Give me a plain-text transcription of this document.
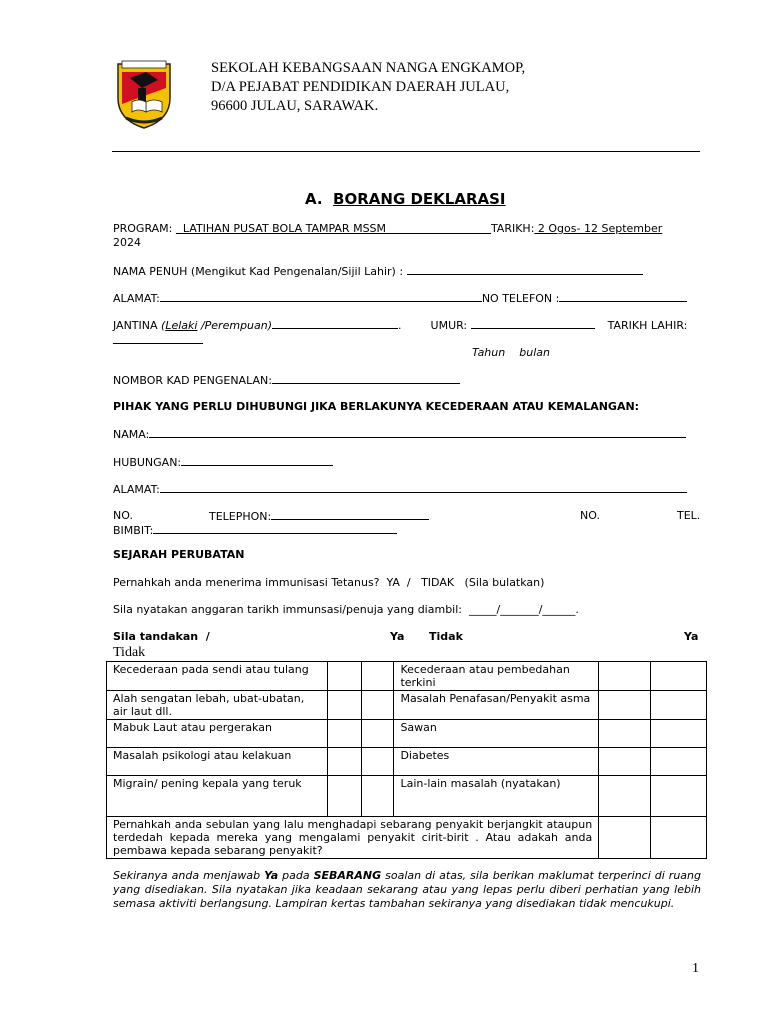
SEKOLAH KEBANGSAAN NANGA ENGKAMOP,
D/A PEJABAT PENDIDIKAN DAERAH JULAU,
96600 JULAU, SARAWAK.
A. BORANG DEKLARASI
PROGRAM: LATIHAN PUSAT BOLA TAMPAR MSSM	TARIKH: 2 Ogos- 12 September
2024
NAMA PENUH (Mengikut Kad Pengenalan/Sijil Lahir) :
ALAMAT:	NO TELEFON :
JANTINA (Lelaki /Perempuan)	.  UMUR:	TARIKH LAHIR:
Tahun bulan
NOMBOR KAD PENGENALAN:
PIHAK YANG PERLU DIHUBUNGI JIKA BERLAKUNYA KECEDERAAN ATAU KEMALANGAN:
NAMA:
HUBUNGAN:
ALAMAT:
NO.	TELEPHON:	NO.	TEL.
BIMBIT:
SEJARAH PERUBATAN
Pernahkah anda menerima immunisasi Tetanus?  YA  /   TIDAK   (Sila bulatkan)
Sila nyatakan anggaran tarikh immunsasi/penuja yang diambil: _____/_______/______.
Sila tandakan  /	Ya Tidak	Ya
Tidak
Kecederaan pada sendi atau tulang			Kecederaan atau pembedahan terkini		
Alah sengatan lebah, ubat-ubatan, air laut dll.			Masalah Penafasan/Penyakit asma		
Mabuk Laut atau pergerakan			Sawan		
Masalah psikologi atau kelakuan			Diabetes		
Migrain/ pening kepala yang teruk			Lain-lain masalah (nyatakan)		
Pernahkah anda sebulan yang lalu menghadapi sebarang penyakit berjangkit ataupun terdedah kepada mereka yang mengalami penyakit cirit-birit . Atau adakah anda pembawa kepada sebarang penyakit?					
Sekiranya anda menjawab Ya pada SEBARANG soalan di atas, sila berikan maklumat terperinci di ruang yang disediakan. Sila nyatakan jika keadaan sekarang atau yang lepas perlu diberi perhatian yang lebih semasa aktiviti berlangsung. Lampiran kertas tambahan sekiranya yang disediakan tidak mencukupi.
1
